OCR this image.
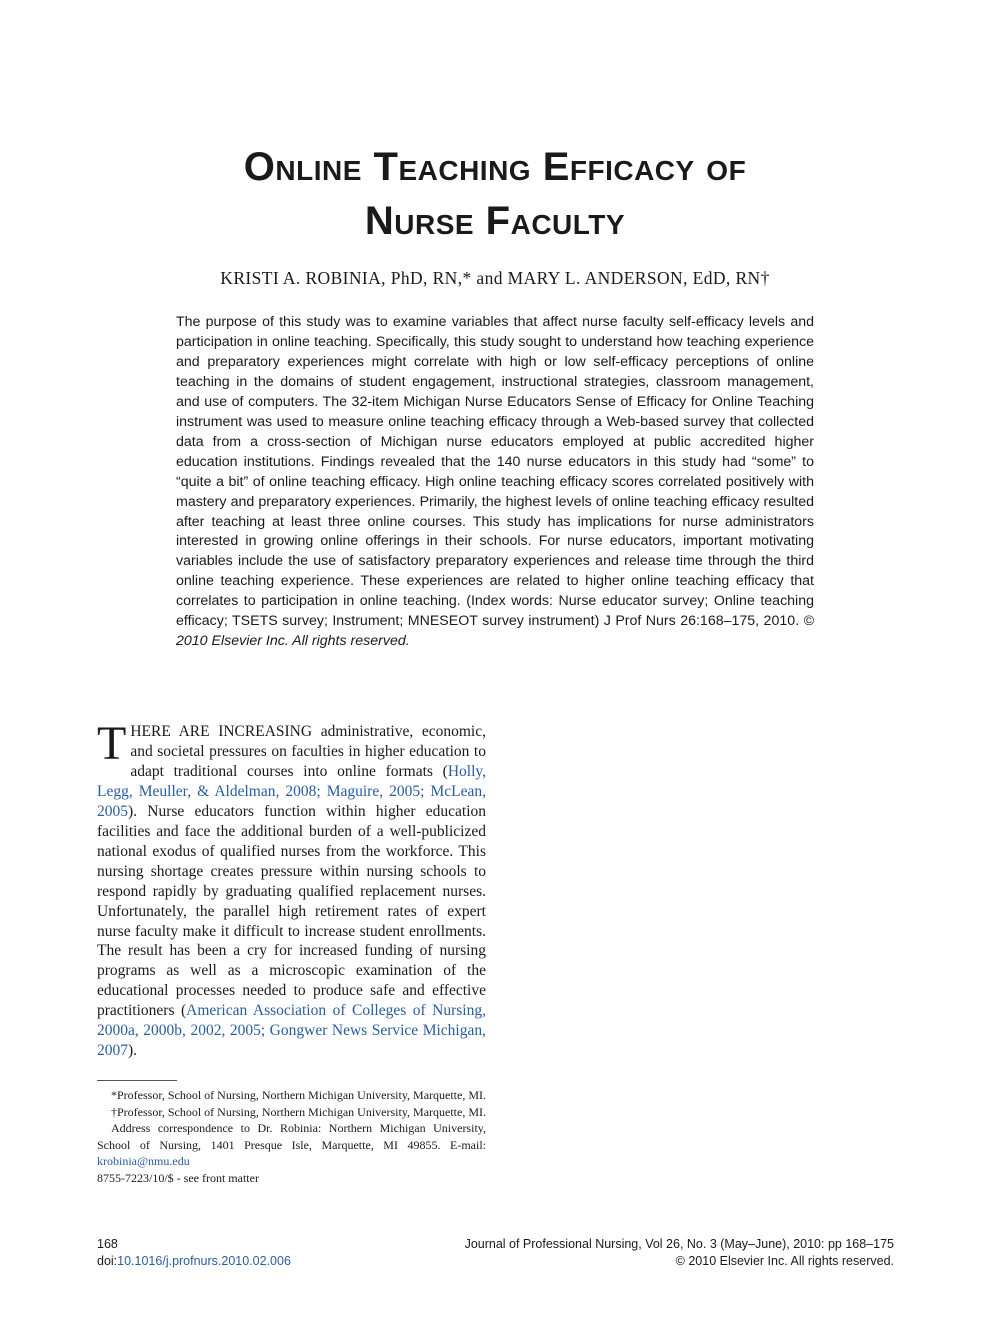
Online Teaching Efficacy of
Nurse Faculty
KRISTI A. ROBINIA, PhD, RN,* and MARY L. ANDERSON, EdD, RN†
The purpose of this study was to examine variables that affect nurse faculty self-efficacy levels and participation in online teaching. Specifically, this study sought to understand how teaching experience and preparatory experiences might correlate with high or low self-efficacy perceptions of online teaching in the domains of student engagement, instructional strategies, classroom management, and use of computers. The 32-item Michigan Nurse Educators Sense of Efficacy for Online Teaching instrument was used to measure online teaching efficacy through a Web-based survey that collected data from a cross-section of Michigan nurse educators employed at public accredited higher education institutions. Findings revealed that the 140 nurse educators in this study had “some” to “quite a bit” of online teaching efficacy. High online teaching efficacy scores correlated positively with mastery and preparatory experiences. Primarily, the highest levels of online teaching efficacy resulted after teaching at least three online courses. This study has implications for nurse administrators interested in growing online offerings in their schools. For nurse educators, important motivating variables include the use of satisfactory preparatory experiences and release time through the third online teaching experience. These experiences are related to higher online teaching efficacy that correlates to participation in online teaching. (Index words: Nurse educator survey; Online teaching efficacy; TSETS survey; Instrument; MNESEOT survey instrument) J Prof Nurs 26:168–175, 2010. © 2010 Elsevier Inc. All rights reserved.

THERE ARE INCREASING administrative, economic, and societal pressures on faculties in higher education to adapt traditional courses into online formats (Holly, Legg, Meuller, & Aldelman, 2008; Maguire, 2005; McLean, 2005). Nurse educators function within higher education facilities and face the additional burden of a well-publicized national exodus of qualified nurses from the workforce. This nursing shortage creates pressure within nursing schools to respond rapidly by graduating qualified replacement nurses. Unfortunately, the parallel high retirement rates of expert nurse faculty make it difficult to increase student enrollments. The result has been a cry for increased funding of nursing programs as well as a microscopic examination of the educational processes needed to produce safe and effective practitioners (American Association of Colleges of Nursing, 2000a, 2000b, 2002, 2005; Gongwer News Service Michigan, 2007).

*Professor, School of Nursing, Northern Michigan University, Marquette, MI.

†Professor, School of Nursing, Northern Michigan University, Marquette, MI.

Address correspondence to Dr. Robinia: Northern Michigan University, School of Nursing, 1401 Presque Isle, Marquette, MI 49855. E-mail: krobinia@nmu.edu

8755-7223/10/$ - see front matter

168	Journal of Professional Nursing, Vol 26, No. 3 (May–June), 2010: pp 168–175
doi:10.1016/j.profnurs.2010.02.006	© 2010 Elsevier Inc. All rights reserved.
